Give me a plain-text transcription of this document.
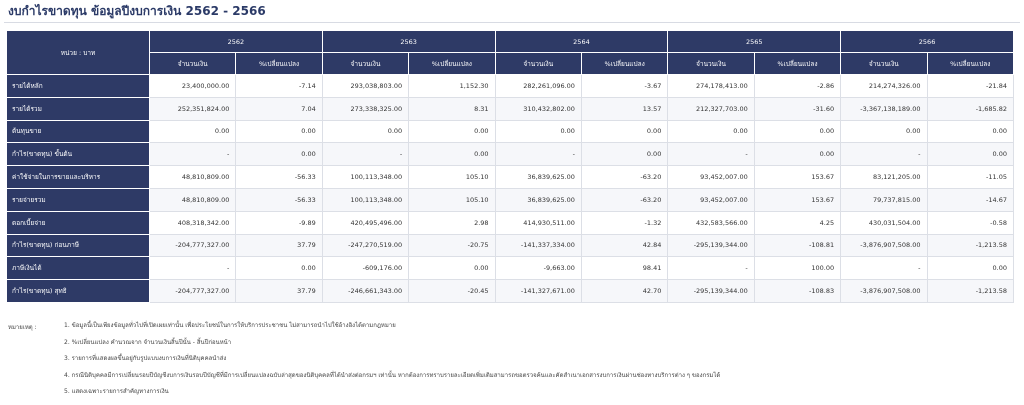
งบกำไรขาดทุน ข้อมูลปีงบการเงิน 2562 - 2566
หน่วย : บาท	2562		2563		2564		2565		2566	
	จำนวนเงิน	%เปลี่ยนแปลง	จำนวนเงิน	%เปลี่ยนแปลง	จำนวนเงิน	%เปลี่ยนแปลง	จำนวนเงิน	%เปลี่ยนแปลง	จำนวนเงิน	%เปลี่ยนแปลง
รายได้หลัก	23,400,000.00	-7.14	293,038,803.00	1,152.30	282,261,096.00	-3.67	274,178,413.00	-2.86	214,274,326.00	-21.84
รายได้รวม	252,351,824.00	7.04	273,338,325.00	8.31	310,432,802.00	13.57	212,327,703.00	-31.60	-3,367,138,189.00	-1,685.82
ต้นทุนขาย	0.00	0.00	0.00	0.00	0.00	0.00	0.00	0.00	0.00	0.00
กำไร(ขาดทุน) ขั้นต้น	-	0.00	-	0.00	-	0.00	-	0.00	-	0.00
ค่าใช้จ่ายในการขายและบริหาร	48,810,809.00	-56.33	100,113,348.00	105.10	36,839,625.00	-63.20	93,452,007.00	153.67	83,121,205.00	-11.05
รายจ่ายรวม	48,810,809.00	-56.33	100,113,348.00	105.10	36,839,625.00	-63.20	93,452,007.00	153.67	79,737,815.00	-14.67
ดอกเบี้ยจ่าย	408,318,342.00	-9.89	420,495,496.00	2.98	414,930,511.00	-1.32	432,583,566.00	4.25	430,031,504.00	-0.58
กำไร(ขาดทุน) ก่อนภาษี	-204,777,327.00	37.79	-247,270,519.00	-20.75	-141,337,334.00	42.84	-295,139,344.00	-108.81	-3,876,907,508.00	-1,213.58
ภาษีเงินได้	-	0.00	-609,176.00	0.00	-9,663.00	98.41	-	100.00	-	0.00
กำไร(ขาดทุน) สุทธิ	-204,777,327.00	37.79	-246,661,343.00	-20.45	-141,327,671.00	42.70	-295,139,344.00	-108.83	-3,876,907,508.00	-1,213.58
หมายเหตุ :	1. ข้อมูลนี้เป็นเพียงข้อมูลทั่วไปที่เปิดเผยเท่านั้น เพื่อประโยชน์ในการให้บริการประชาชน ไม่สามารถนำไปใช้อ้างอิงได้ตามกฎหมาย
2. %เปลี่ยนแปลง คำนวณจาก จำนวนเงินสิ้นปีนั้น - สิ้นปีก่อนหน้า
3. รายการที่แสดงผลขึ้นอยู่กับรูปแบบงบการเงินที่นิติบุคคลนำส่ง
4. กรณีนิติบุคคลมีการเปลี่ยนรอบปีบัญชีงบการเงินรอบปีบัญชีที่มีการเปลี่ยนแปลงฉบับล่าสุดของนิติบุคคลที่ได้นำส่งต่อกรมฯ เท่านั้น หากต้องการทราบรายละเอียดเพิ่มเติมสามารถขอตรวจค้นและคัดสำเนาเอกสารงบการเงินผ่านช่องทางบริการต่าง ๆ ของกรมได้
5. แสดงเฉพาะรายการสำคัญทางการเงิน
